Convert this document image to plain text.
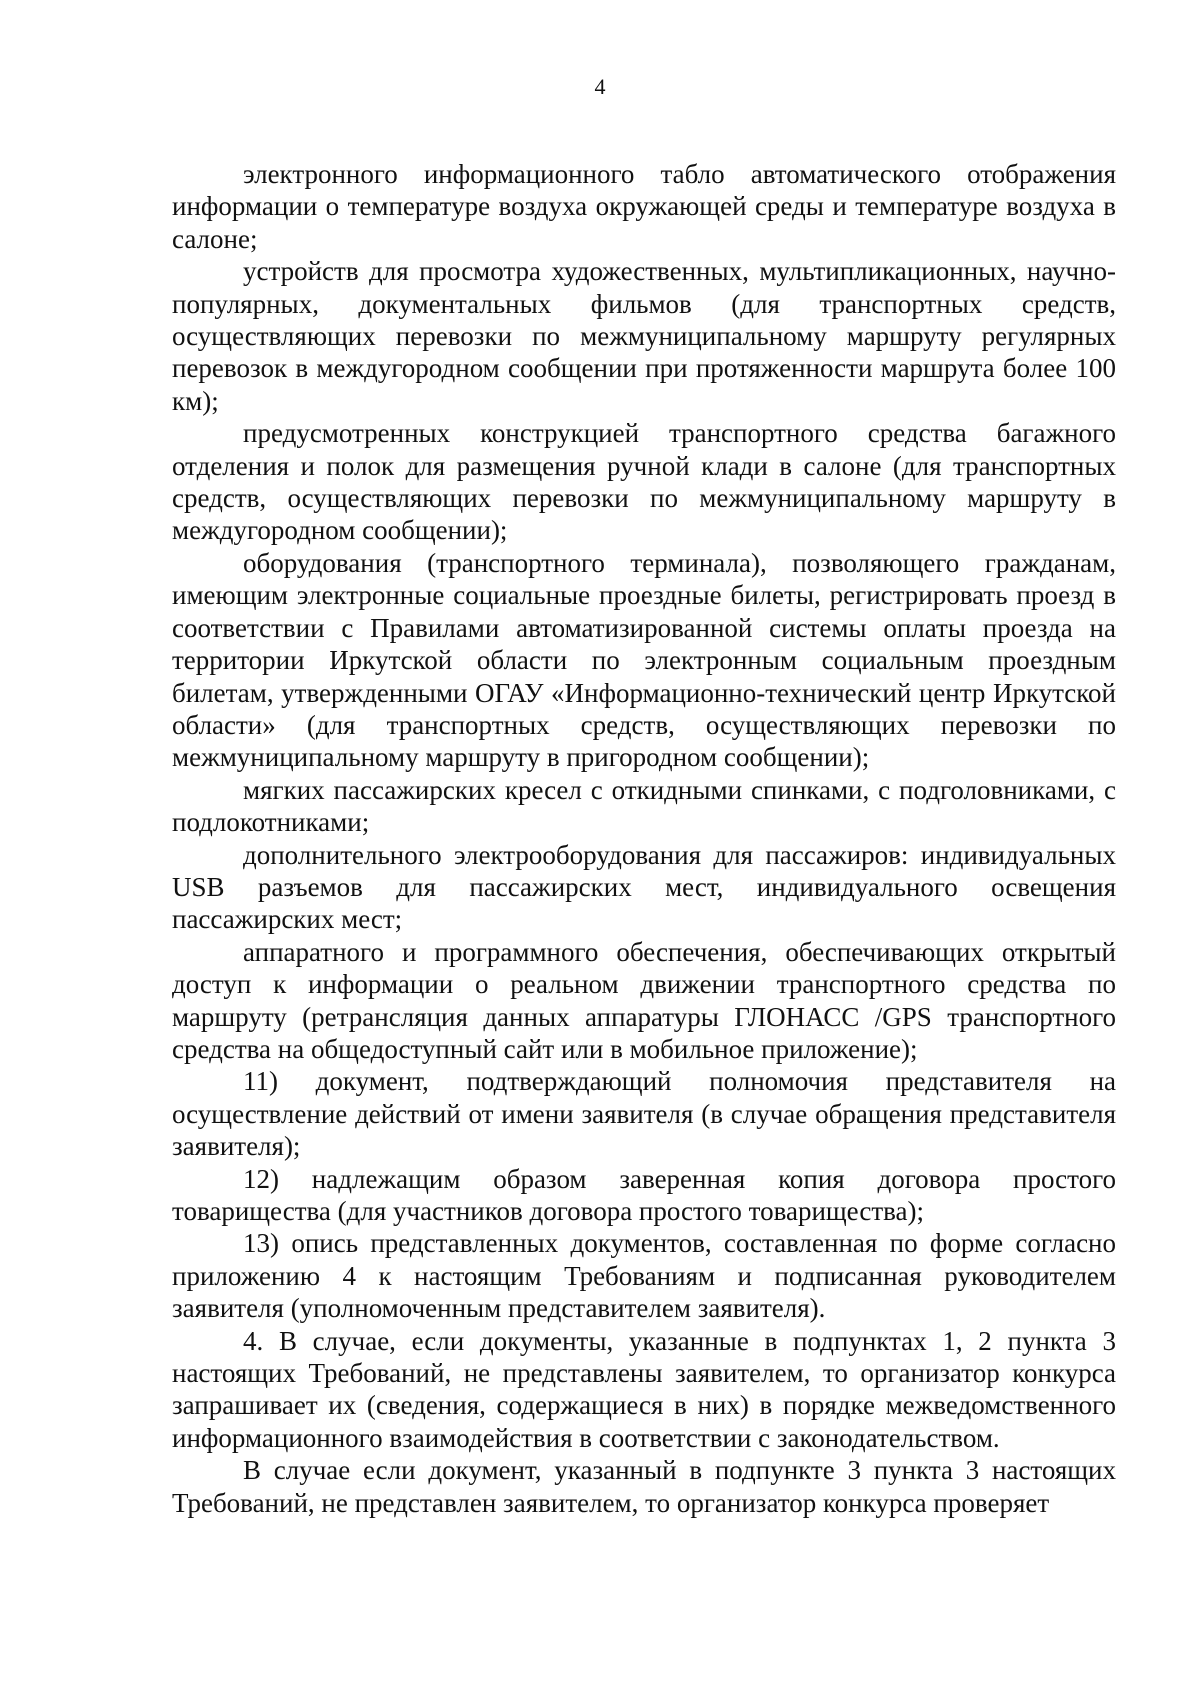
4

электронного информационного табло автоматического отображения информации о температуре воздуха окружающей среды и температуре воздуха в салоне;

устройств для просмотра художественных, мультипликационных, научно-популярных, документальных фильмов (для транспортных средств, осуществляющих перевозки по межмуниципальному маршруту регулярных перевозок в междугородном сообщении при протяженности маршрута более 100 км);

предусмотренных конструкцией транспортного средства багажного отделения и полок для размещения ручной клади в салоне (для транспортных средств, осуществляющих перевозки по межмуниципальному маршруту в междугородном сообщении);

оборудования (транспортного терминала), позволяющего гражданам, имеющим электронные социальные проездные билеты, регистрировать проезд в соответствии с Правилами автоматизированной системы оплаты проезда на территории Иркутской области по электронным социальным проездным билетам, утвержденными ОГАУ «Информационно-технический центр Иркутской области» (для транспортных средств, осуществляющих перевозки по межмуниципальному маршруту в пригородном сообщении);

мягких пассажирских кресел с откидными спинками, с подголовниками, с подлокотниками;

дополнительного электрооборудования для пассажиров: индивидуальных USB разъемов для пассажирских мест, индивидуального освещения пассажирских мест;

аппаратного и программного обеспечения, обеспечивающих открытый доступ к информации о реальном движении транспортного средства по маршруту (ретрансляция данных аппаратуры ГЛОНАСС /GPS транспортного средства на общедоступный сайт или в мобильное приложение);

11) документ, подтверждающий полномочия представителя на осуществление действий от имени заявителя (в случае обращения представителя заявителя);

12) надлежащим образом заверенная копия договора простого товарищества (для участников договора простого товарищества);

13) опись представленных документов, составленная по форме согласно приложению 4 к настоящим Требованиям и подписанная руководителем заявителя (уполномоченным представителем заявителя).

4. В случае, если документы, указанные в подпунктах 1, 2 пункта 3 настоящих Требований, не представлены заявителем, то организатор конкурса запрашивает их (сведения, содержащиеся в них) в порядке межведомственного информационного взаимодействия в соответствии с законодательством.

В случае если документ, указанный в подпункте 3 пункта 3 настоящих Требований, не представлен заявителем, то организатор конкурса проверяет
